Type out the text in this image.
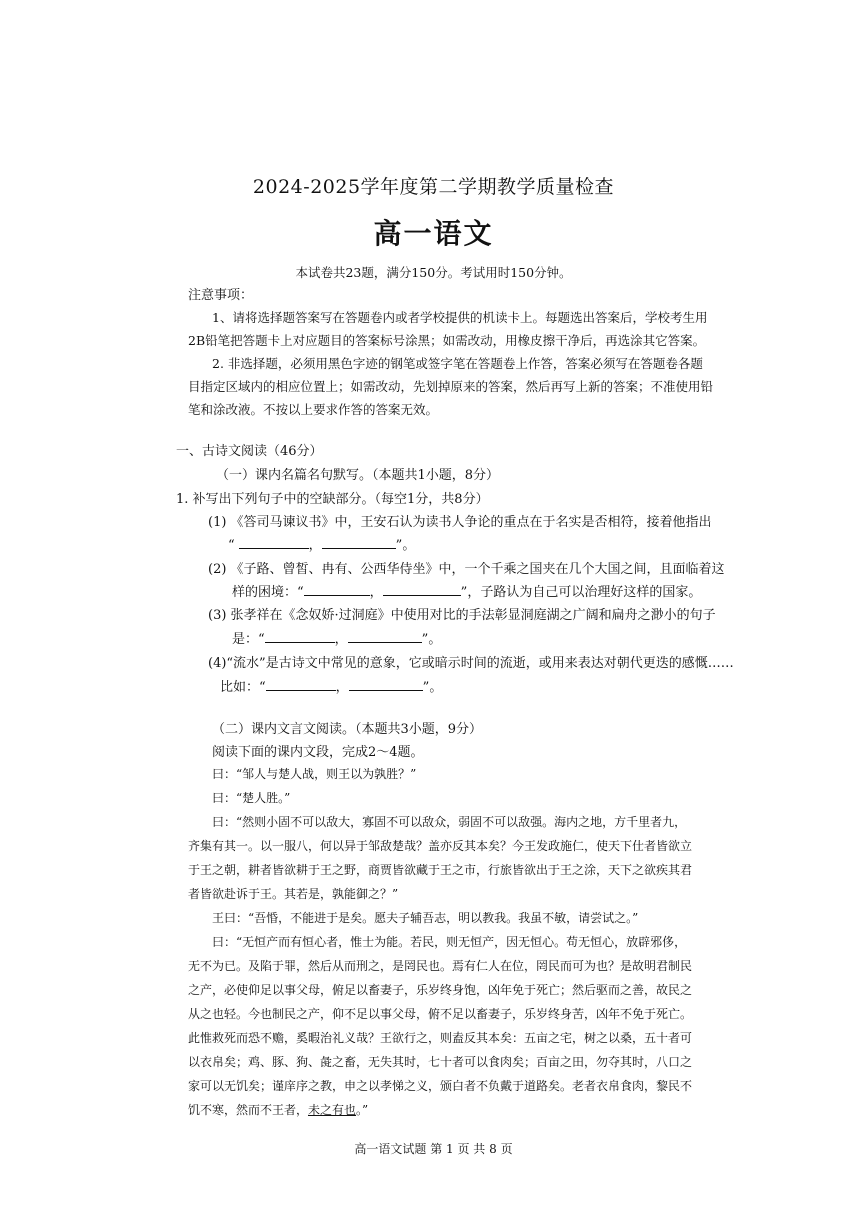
2024-2025学年度第二学期教学质量检查
高一语文
本试卷共23题，满分150分。考试用时150分钟。
注意事项：
1、请将选择题答案写在答题卷内或者学校提供的机读卡上。每题选出答案后，学校考生用
2B铅笔把答题卡上对应题目的答案标号涂黑；如需改动，用橡皮擦干净后，再选涂其它答案。
2. 非选择题，必须用黑色字迹的钢笔或签字笔在答题卷上作答，答案必须写在答题卷各题
目指定区域内的相应位置上；如需改动，先划掉原来的答案，然后再写上新的答案；不准使用铅
笔和涂改液。不按以上要求作答的答案无效。
一、古诗文阅读（46分）
（一）课内名篇名句默写。（本题共1小题，8分）
1. 补写出下列句子中的空缺部分。（每空1分，共8分）
(1) 《答司马谏议书》中，王安石认为读书人争论的重点在于名实是否相符，接着他指出
“	，	”。
(2) 《子路、曾皙、冉有、公西华侍坐》中，一个千乘之国夹在几个大国之间，且面临着这
样的困境：“	，	”，子路认为自己可以治理好这样的国家。
(3) 张孝祥在《念奴娇·过洞庭》中使用对比的手法彰显洞庭湖之广阔和扁舟之渺小的句子
是：“	，	”。
(4)“流水”是古诗文中常见的意象，它或暗示时间的流逝，或用来表达对朝代更迭的感慨……
比如：“	，	”。
（二）课内文言文阅读。（本题共3小题，9分）
阅读下面的课内文段，完成2～4题。
曰：“邹人与楚人战，则王以为孰胜？”
曰：“楚人胜。”
曰：“然则小固不可以敌大，寡固不可以敌众，弱固不可以敌强。海内之地，方千里者九，
齐集有其一。以一服八，何以异于邹敌楚哉？盖亦反其本矣？今王发政施仁，使天下仕者皆欲立
于王之朝，耕者皆欲耕于王之野，商贾皆欲藏于王之市，行旅皆欲出于王之涂，天下之欲疾其君
者皆欲赴诉于王。其若是，孰能御之？”
王曰：“吾惛，不能进于是矣。愿夫子辅吾志，明以教我。我虽不敏，请尝试之。”
曰：“无恒产而有恒心者，惟士为能。若民，则无恒产，因无恒心。苟无恒心，放辟邪侈，
无不为已。及陷于罪，然后从而刑之，是罔民也。焉有仁人在位，罔民而可为也？是故明君制民
之产，必使仰足以事父母，俯足以畜妻子，乐岁终身饱，凶年免于死亡；然后驱而之善，故民之
从之也轻。今也制民之产，仰不足以事父母，俯不足以畜妻子，乐岁终身苦，凶年不免于死亡。
此惟救死而恐不赡，奚暇治礼义哉？王欲行之，则盍反其本矣：五亩之宅，树之以桑，五十者可
以衣帛矣；鸡、豚、狗、彘之畜，无失其时，七十者可以食肉矣；百亩之田，勿夺其时，八口之
家可以无饥矣；谨庠序之教，申之以孝悌之义，颁白者不负戴于道路矣。老者衣帛食肉，黎民不
饥不寒，然而不王者，未之有也。”
高一语文试题 第 1 页 共 8 页
